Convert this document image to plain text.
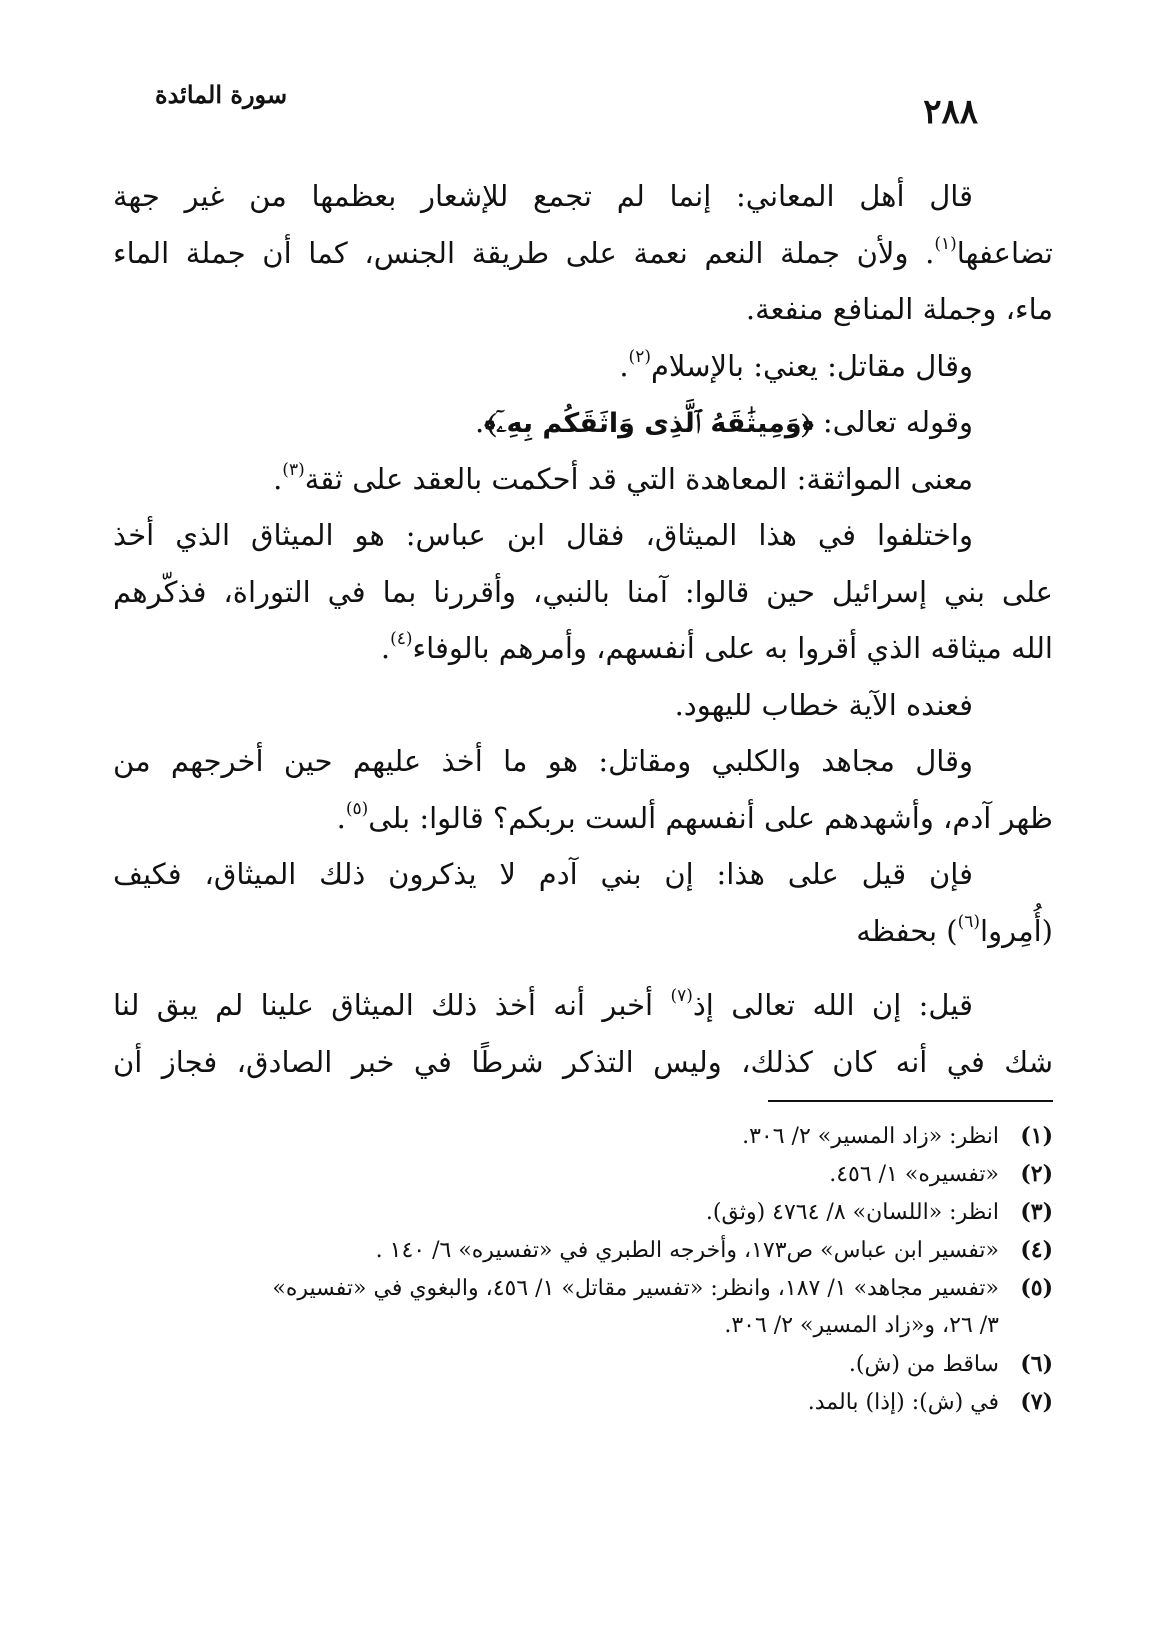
٢٨٨
سورة المائدة
قال أهل المعاني: إنما لم تجمع للإشعار بعظمها من غير جهة
تضاعفها$^{(١)}$. ولأن جملة النعم نعمة على طريقة الجنس، كما أن جملة الماء
ماء، وجملة المنافع منفعة.
وقال مقاتل: يعني: بالإسلام$^{(٢)}$.
وقوله تعالى: ﴿وَمِيثَٰقَهُ ٱلَّذِى وَاثَقَكُم بِهِۦٓ﴾.
معنى المواثقة: المعاهدة التي قد أحكمت بالعقد على ثقة$^{(٣)}$.
واختلفوا في هذا الميثاق، فقال ابن عباس: هو الميثاق الذي أخذ
على بني إسرائيل حين قالوا: آمنا بالنبي، وأقررنا بما في التوراة، فذكّرهم
الله ميثاقه الذي أقروا به على أنفسهم، وأمرهم بالوفاء$^{(٤)}$.
فعنده الآية خطاب لليهود.
وقال مجاهد والكلبي ومقاتل: هو ما أخذ عليهم حين أخرجهم من
ظهر آدم، وأشهدهم على أنفسهم ألست بربكم؟ قالوا: بلى$^{(٥)}$.
فإن قيل على هذا: إن بني آدم لا يذكرون ذلك الميثاق، فكيف
(أُمِروا$^{(٦)}$) بحفظه
قيل: إن الله تعالى إذ$^{(٧)}$ أخبر أنه أخذ ذلك الميثاق علينا لم يبق لنا
شك في أنه كان كذلك، وليس التذكر شرطًا في خبر الصادق، فجاز أن
(١)انظر: «زاد المسير» ٢/ ٣٠٦.
(٢)«تفسيره» ١/ ٤٥٦.
(٣)انظر: «اللسان» ٨/ ٤٧٦٤ (وثق).
(٤)«تفسير ابن عباس» ص١٧٣، وأخرجه الطبري في «تفسيره» ٦/ ١٤٠ .
(٥)«تفسير مجاهد» ١/ ١٨٧، وانظر: «تفسير مقاتل» ١/ ٤٥٦، والبغوي في «تفسيره»
٣/ ٢٦، و«زاد المسير» ٢/ ٣٠٦.
(٦)ساقط من (ش).
(٧)في (ش): (إذا) بالمد.
